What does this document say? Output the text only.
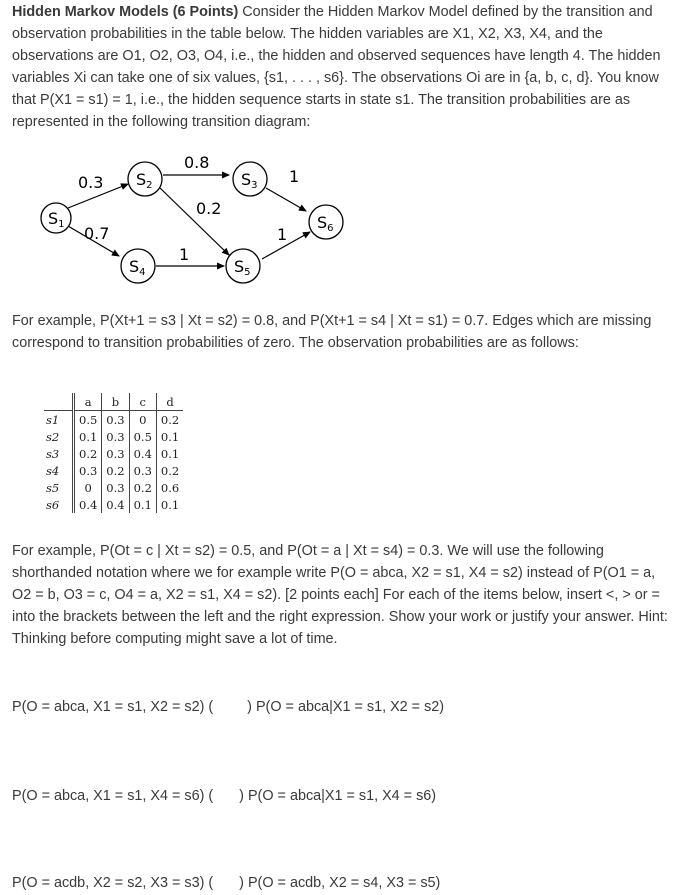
Hidden Markov Models (6 Points) Consider the Hidden Markov Model defined by the transition and observation probabilities in the table below. The hidden variables are X1, X2, X3, X4, and the observations are O1, O2, O3, O4, i.e., the hidden and observed sequences have length 4. The hidden variables Xi can take one of six values, {s1, . . . , s6}. The observations Oi are in {a, b, c, d}. You know that P(X1 = s1) = 1, i.e., the hidden sequence starts in state s1. The transition probabilities are as represented in the following transition diagram:

S1
S2	S3
S4	S5
S6
0.3
0.7
0.8
0.2
1
1
1

For example, P(Xt+1 = s3 | Xt = s2) = 0.8, and P(Xt+1 = s4 | Xt = s1) = 0.7. Edges which are missing correspond to transition probabilities of zero. The observation probabilities are as follows:

	a	b	c	d
s1	0.5	0.3	0	0.2
s2	0.1	0.3	0.5	0.1
s3	0.2	0.3	0.4	0.1
s4	0.3	0.2	0.3	0.2
s5	0	0.3	0.2	0.6
s6	0.4	0.4	0.1	0.1

For example, P(Ot = c | Xt = s2) = 0.5, and P(Ot = a | Xt = s4) = 0.3. We will use the following shorthanded notation where we for example write P(O = abca, X2 = s1, X4 = s2) instead of P(O1 = a, O2 = b, O3 = c, O4 = a, X2 = s1, X4 = s2). [2 points each] For each of the items below, insert <, > or = into the brackets between the left and the right expression. Show your work or justify your answer. Hint: Thinking before computing might save a lot of time.

P(O = abca, X1 = s1, X2 = s2) ( ) P(O = abca|X1 = s1, X2 = s2)
P(O = abca, X1 = s1, X4 = s6) ( ) P(O = abca|X1 = s1, X4 = s6)
P(O = acdb, X2 = s2, X3 = s3) ( ) P(O = acdb, X2 = s4, X3 = s5)
